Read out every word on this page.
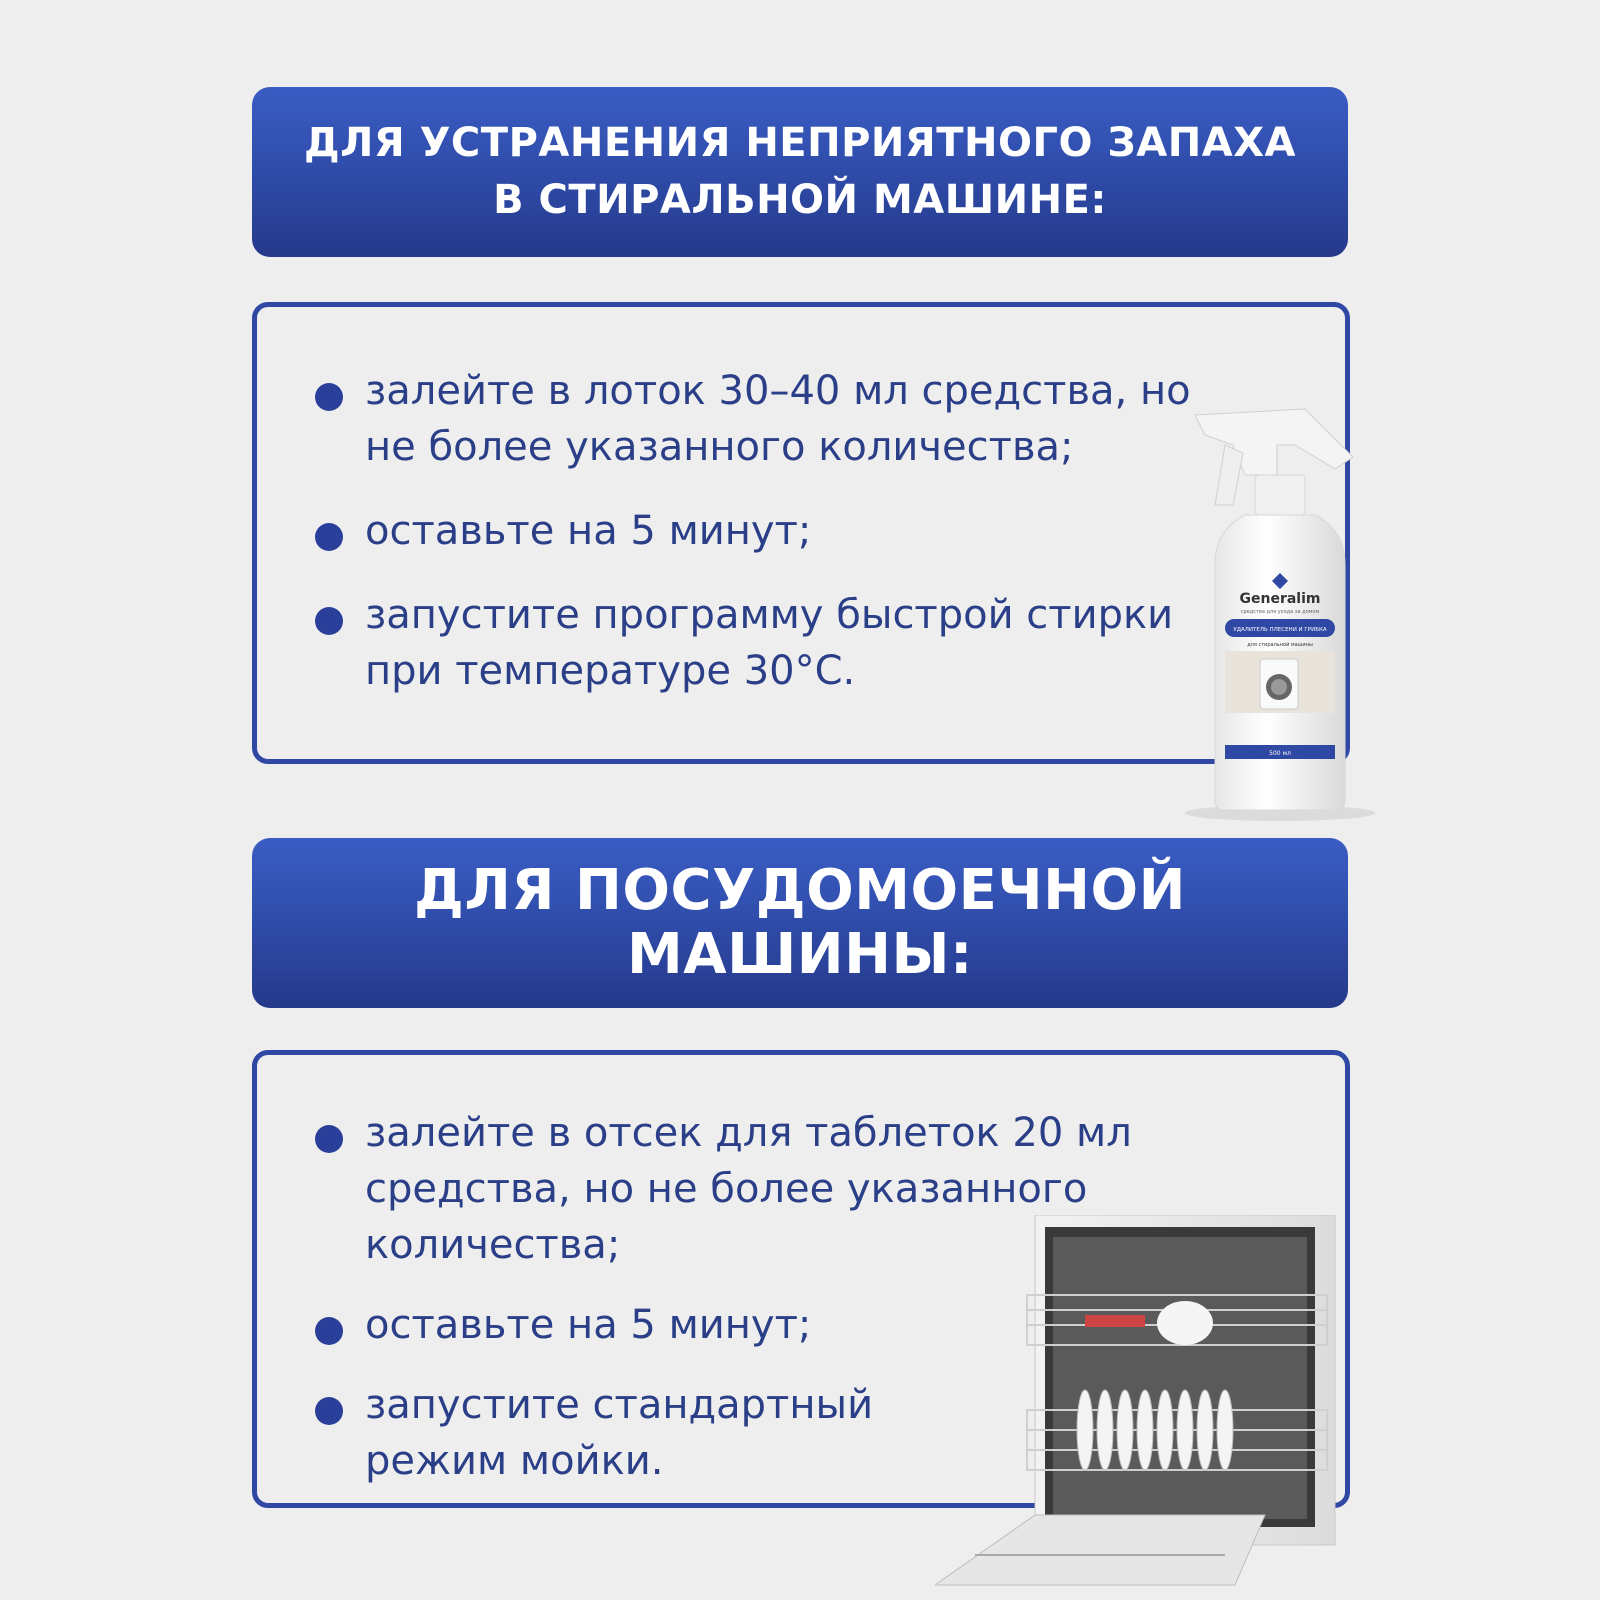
ДЛЯ УСТРАНЕНИЯ НЕПРИЯТНОГО ЗАПАХА
В СТИРАЛЬНОЙ МАШИНЕ:
залейте в лоток 30–40 мл средства, но не более указанного количества;
оставьте на 5 минут;
запустите программу быстрой стирки при температуре 30°С.
Generalim
средства для ухода за домом
УДАЛИТЕЛЬ ПЛЕСЕНИ И ГРИБКА
для стиральной машины
500 мл
ДЛЯ ПОСУДОМОЕЧНОЙ
МАШИНЫ:
залейте в отсек для таблеток 20 мл средства, но не более указанного количества;
оставьте на 5 минут;
запустите стандартный режим мойки.
